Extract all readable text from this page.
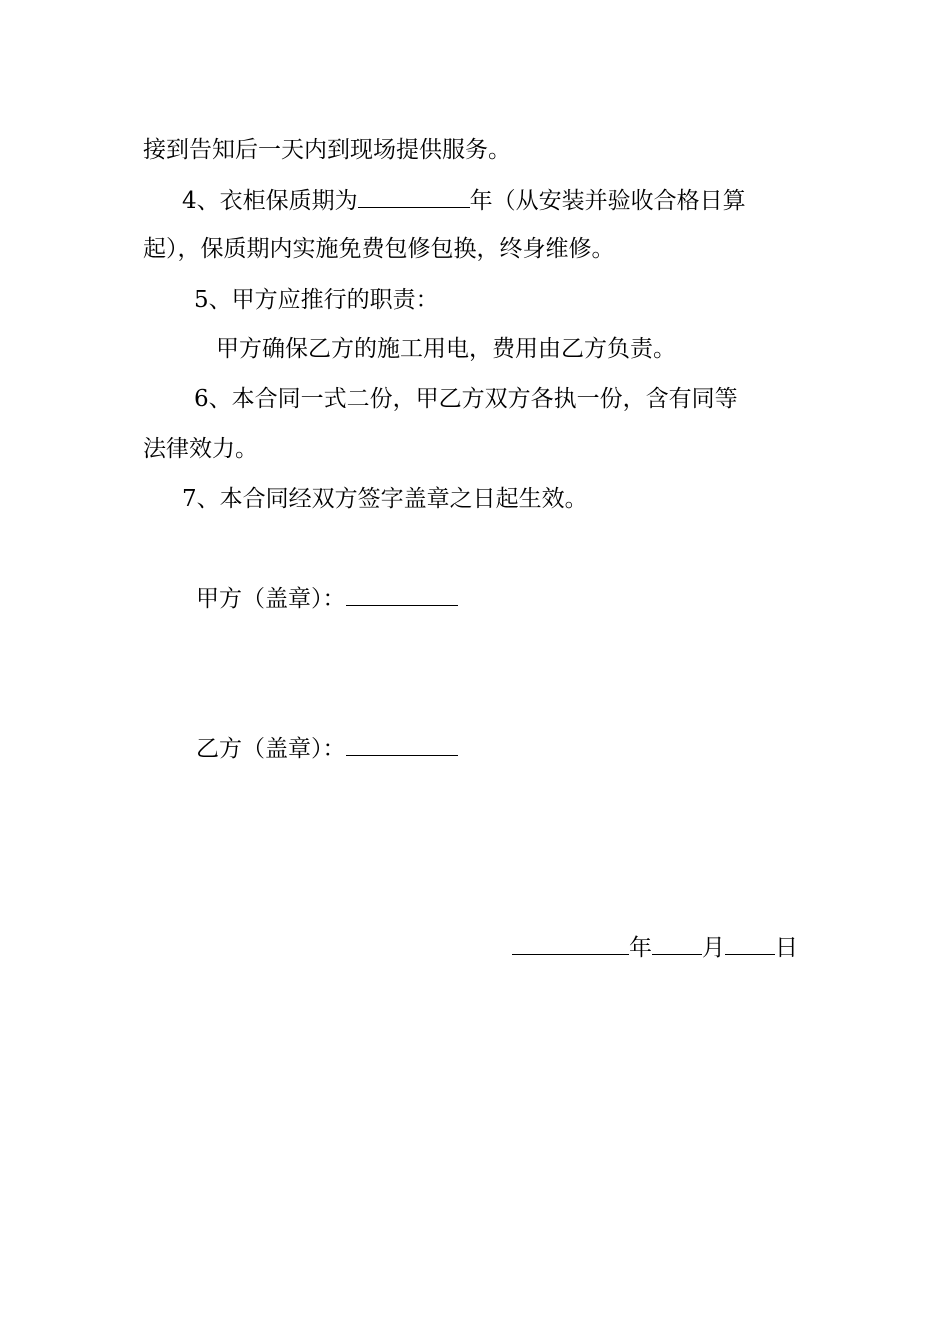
接到告知后一天内到现场提供服务。
4、衣柜保质期为	年（从安装并验收合格日算
起），保质期内实施免费包修包换，终身维修。
5、甲方应推行的职责：
甲方确保乙方的施工用电，费用由乙方负责。
6、本合同一式二份，甲乙方双方各执一份，含有同等
法律效力。
7、本合同经双方签字盖章之日起生效。
甲方（盖章）：
乙方（盖章）：
年 月 日
